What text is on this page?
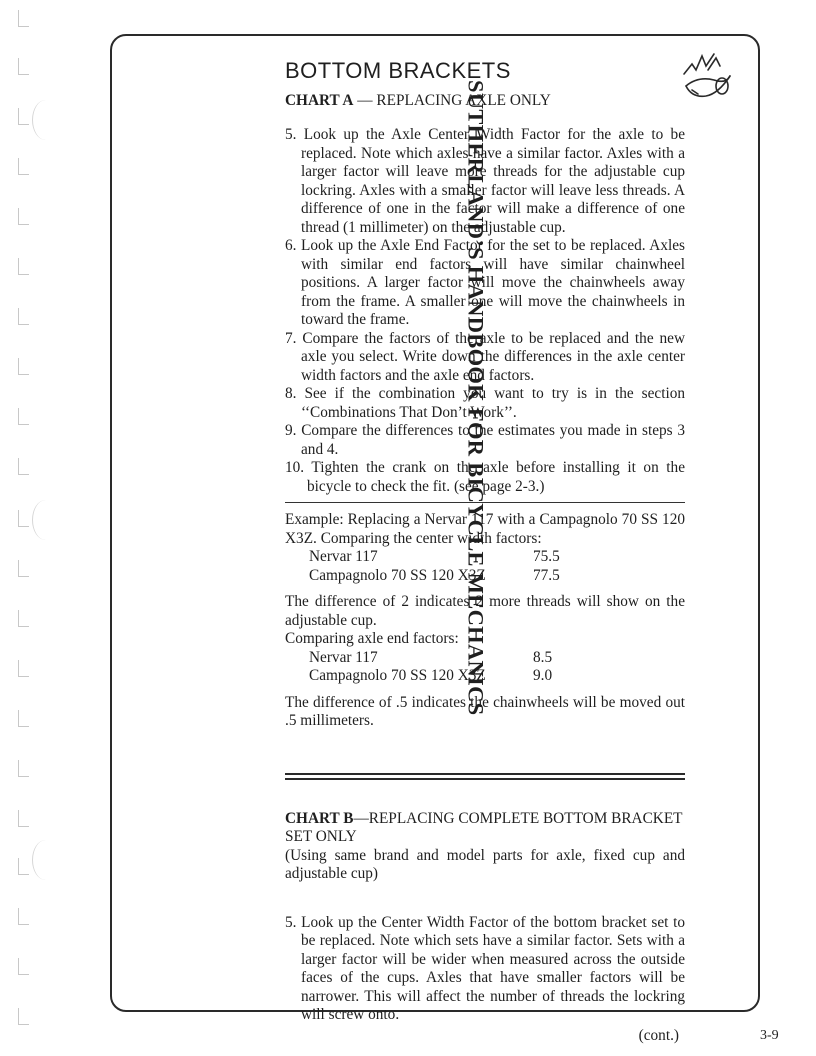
BOTTOM BRACKETS

CHART A — REPLACING AXLE ONLY

5. Look up the Axle Center Width Factor for the axle to be replaced. Note which axles have a similar factor. Axles with a larger factor will leave more threads for the adjustable cup lockring. Axles with a smaller factor will leave less threads. A difference of one in the factor will make a difference of one thread (1 millimeter) on the adjustable cup.
6. Look up the Axle End Factor for the set to be replaced. Axles with similar end factors will have similar chainwheel positions. A larger factor will move the chainwheels away from the frame. A smaller one will move the chainwheels in toward the frame.
7. Compare the factors of the axle to be replaced and the new axle you select. Write down the differences in the axle center width factors and the axle end factors.
8. See if the combination you want to try is in the section ‘‘Combinations That Don’t Work’’.
9. Compare the differences to the estimates you made in steps 3 and 4.
10. Tighten the crank on the axle before installing it on the bicycle to check the fit. (see page 2-3.)

Example: Replacing a Nervar 117 with a Campagnolo 70 SS 120 X3Z. Comparing the center width factors:

Nervar 117	75.5
Campagnolo 70 SS 120 X3Z	77.5

The difference of 2 indicates 2 more threads will show on the adjustable cup.

Comparing axle end factors:

Nervar 117	8.5
Campagnolo 70 SS 120 X3Z	9.0

The difference of .5 indicates the chainwheels will be moved out .5 millimeters.

CHART B—REPLACING COMPLETE BOTTOM BRACKET SET ONLY

(Using same brand and model parts for axle, fixed cup and adjustable cup)

5. Look up the Center Width Factor of the bottom bracket set to be replaced. Note which sets have a similar factor. Sets with a larger factor will be wider when measured across the outside faces of the cups. Axles that have smaller factors will be narrower. This will affect the number of threads the lockring will screw onto.
(cont.)
SUTHERLAND’S HANDBOOK FOR BICYCLE MECHANICS
3-9
